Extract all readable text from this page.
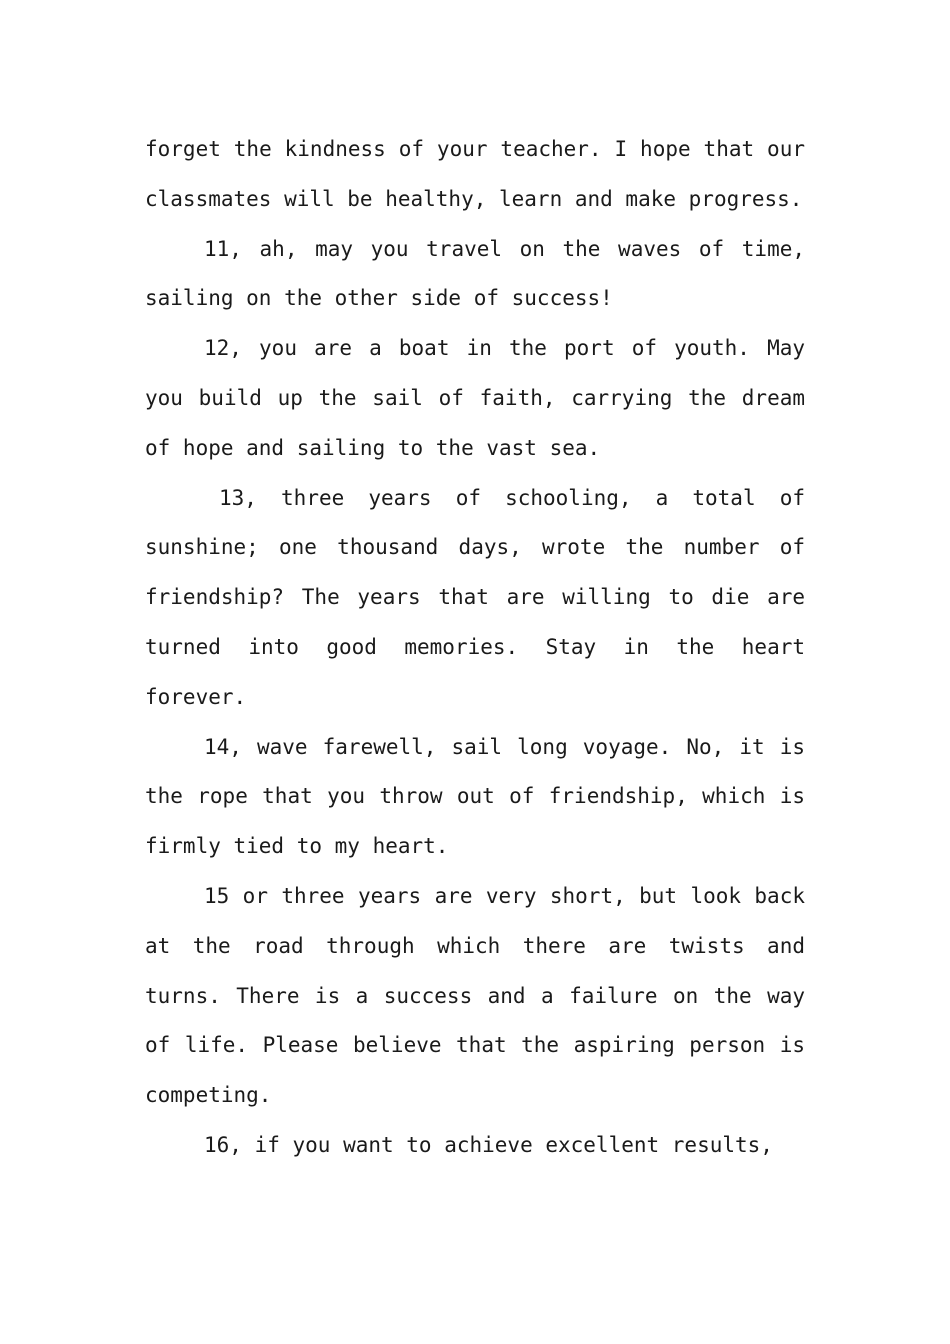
forget the kindness of your teacher. I hope that our classmates will be healthy, learn and make progress.

11, ah, may you travel on the waves of time, sailing on the other side of success!

12, you are a boat in the port of youth. May you build up the sail of faith, carrying the dream of hope and sailing to the vast sea.

13, three years of schooling, a total of sunshine; one thousand days, wrote the number of friendship? The years that are willing to die are turned into good memories. Stay in the heart forever.

14, wave farewell, sail long voyage. No, it is the rope that you throw out of friendship, which is firmly tied to my heart.

15 or three years are very short, but look back at the road through which there are twists and turns. There is a success and a failure on the way of life. Please believe that the aspiring person is competing.

16, if you want to achieve excellent results,
